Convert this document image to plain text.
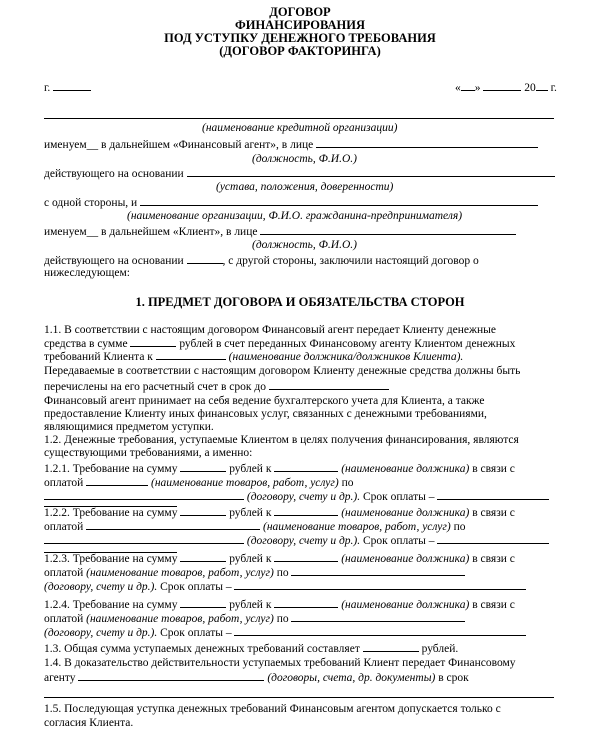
ДОГОВОР
ФИНАНСИРОВАНИЯ
ПОД УСТУПКУ ДЕНЕЖНОГО ТРЕБОВАНИЯ
(ДОГОВОР ФАКТОРИНГА)
г.	« »	20 г.
(наименование кредитной организации)
именуем__ в дальнейшем «Финансовый агент», в лице
(должность, Ф.И.О.)
действующего на основании
(устава, положения, доверенности)
с одной стороны, и
(наименование организации, Ф.И.О. гражданина-предпринимателя)
именуем__ в дальнейшем «Клиент», в лице
(должность, Ф.И.О.)
действующего на основании	, с другой стороны, заключили настоящий договор о
нижеследующем:
1. ПРЕДМЕТ ДОГОВОРА И ОБЯЗАТЕЛЬСТВА СТОРОН
1.1. В соответствии с настоящим договором Финансовый агент передает Клиенту денежные
средства в сумме	рублей в счет переданных Финансовому агенту Клиентом денежных
требований Клиента к	(наименование должника/должников Клиента).
Передаваемые в соответствии с настоящим договором Клиенту денежные средства должны быть
перечислены на его расчетный счет в срок до
Финансовый агент принимает на себя ведение бухгалтерского учета для Клиента, а также
предоставление Клиенту иных финансовых услуг, связанных с денежными требованиями,
являющимися предметом уступки.
1.2. Денежные требования, уступаемые Клиентом в целях получения финансирования, являются
существующими требованиями, а именно:
1.2.1. Требование на сумму	рублей к	(наименование должника) в связи с
оплатой	(наименование товаров, работ, услуг) по
(договору, счету и др.). Срок оплаты –
1.2.2. Требование на сумму	рублей к	(наименование должника) в связи с
оплатой	(наименование товаров, работ, услуг) по
(договору, счету и др.). Срок оплаты –
1.2.3. Требование на сумму	рублей к	(наименование должника) в связи с
оплатой (наименование товаров, работ, услуг) по
(договору, счету и др.). Срок оплаты –
1.2.4. Требование на сумму	рублей к	(наименование должника) в связи с
оплатой (наименование товаров, работ, услуг) по
(договору, счету и др.). Срок оплаты –
1.3. Общая сумма уступаемых денежных требований составляет	рублей.
1.4. В доказательство действительности уступаемых требований Клиент передает Финансовому
агенту	(договоры, счета, др. документы) в срок
1.5. Последующая уступка денежных требований Финансовым агентом допускается только с
согласия Клиента.
